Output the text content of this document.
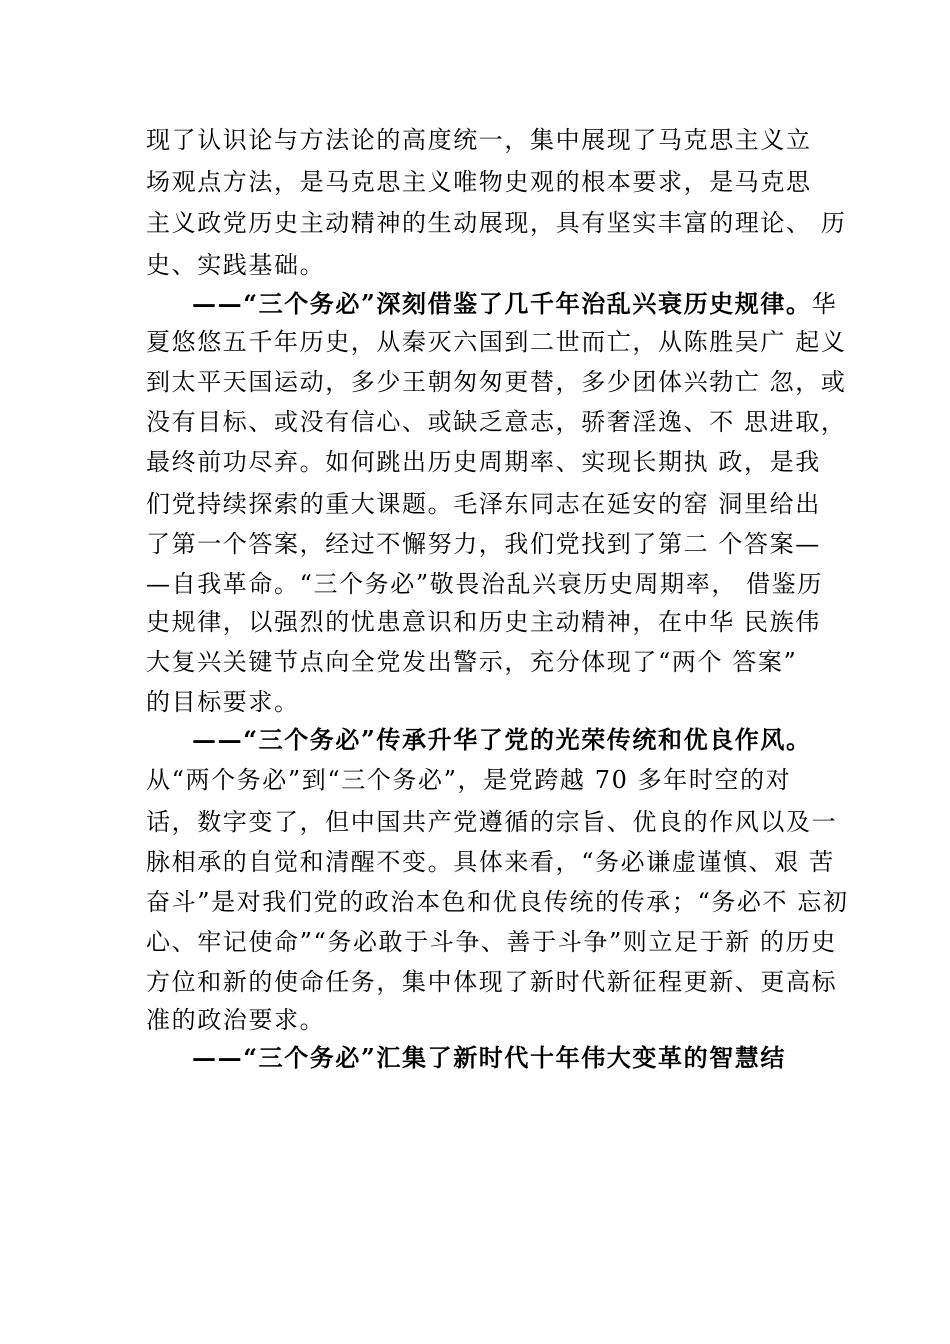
现了认识论与方法论的高度统一，集中展现了马克思主义立
场观点方法，是马克思主义唯物史观的根本要求，是马克思
主义政党历史主动精神的生动展现，具有坚实丰富的理论、 历
史、实践基础。
——“三个务必”深刻借鉴了几千年治乱兴衰历史规律。华
夏悠悠五千年历史，从秦灭六国到二世而亡，从陈胜吴广 起义
到太平天国运动，多少王朝匆匆更替，多少团体兴勃亡 忽，或
没有目标、或没有信心、或缺乏意志，骄奢淫逸、不 思进取，
最终前功尽弃。如何跳出历史周期率、实现长期执 政，是我
们党持续探索的重大课题。毛泽东同志在延安的窑 洞里给出
了第一个答案，经过不懈努力，我们党找到了第二 个答案—
—自我革命。“三个务必”敬畏治乱兴衰历史周期率， 借鉴历
史规律，以强烈的忧患意识和历史主动精神，在中华 民族伟
大复兴关键节点向全党发出警示，充分体现了“两个 答案”
的目标要求。
——“三个务必”传承升华了党的光荣传统和优良作风。
从“两个务必”到“三个务必”，是党跨越 70 多年时空的对
话，数字变了，但中国共产党遵循的宗旨、优良的作风以及一
脉相承的自觉和清醒不变。具体来看，“务必谦虚谨慎、艰 苦
奋斗”是对我们党的政治本色和优良传统的传承；“务必不 忘初
心、牢记使命”“务必敢于斗争、善于斗争”则立足于新 的历史
方位和新的使命任务，集中体现了新时代新征程更新、更高标
准的政治要求。
——“三个务必”汇集了新时代十年伟大变革的智慧结
